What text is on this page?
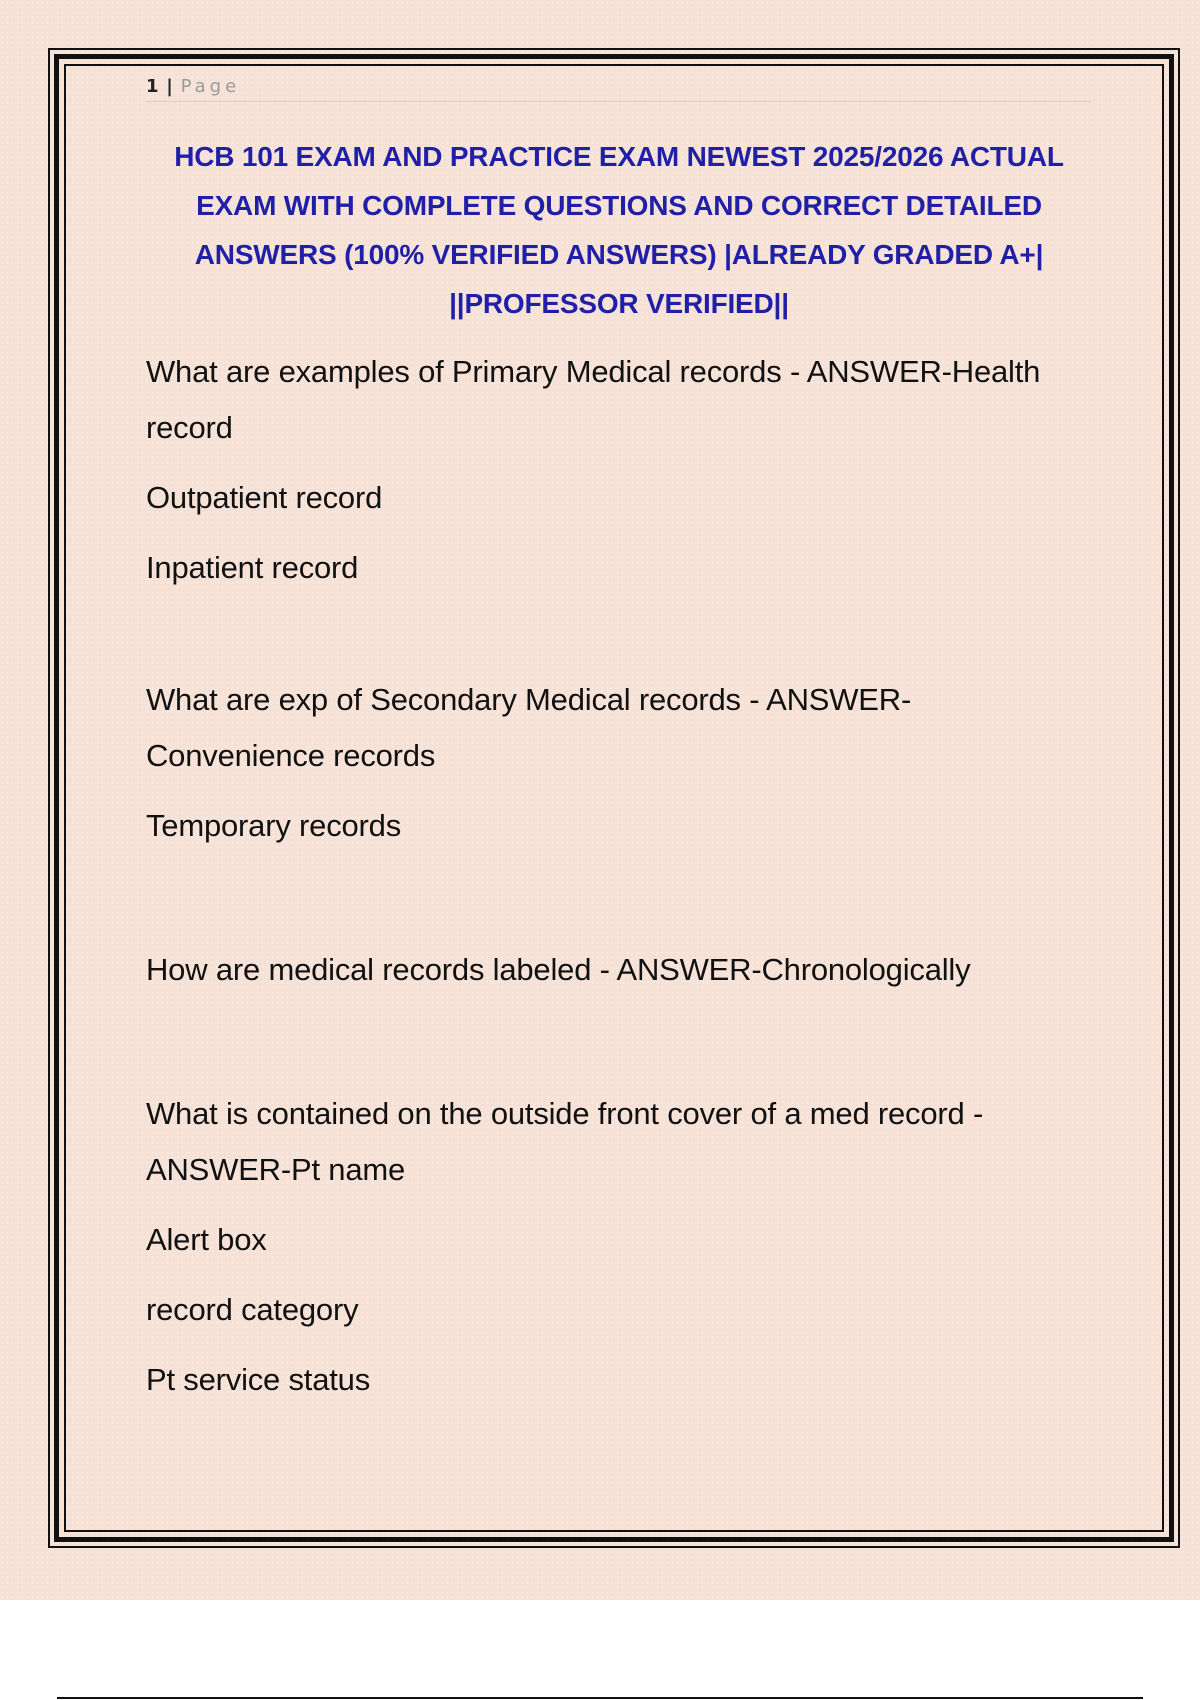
1 | Page
HCB 101 EXAM AND PRACTICE EXAM NEWEST 2025/2026 ACTUAL
EXAM WITH COMPLETE QUESTIONS AND CORRECT DETAILED
ANSWERS (100% VERIFIED ANSWERS) |ALREADY GRADED A+|
||PROFESSOR VERIFIED||

What are examples of Primary Medical records - ANSWER-Health

record

Outpatient record

Inpatient record

What are exp of Secondary Medical records - ANSWER-

Convenience records

Temporary records

How are medical records labeled - ANSWER-Chronologically

What is contained on the outside front cover of a med record -

ANSWER-Pt name

Alert box

record category

Pt service status
